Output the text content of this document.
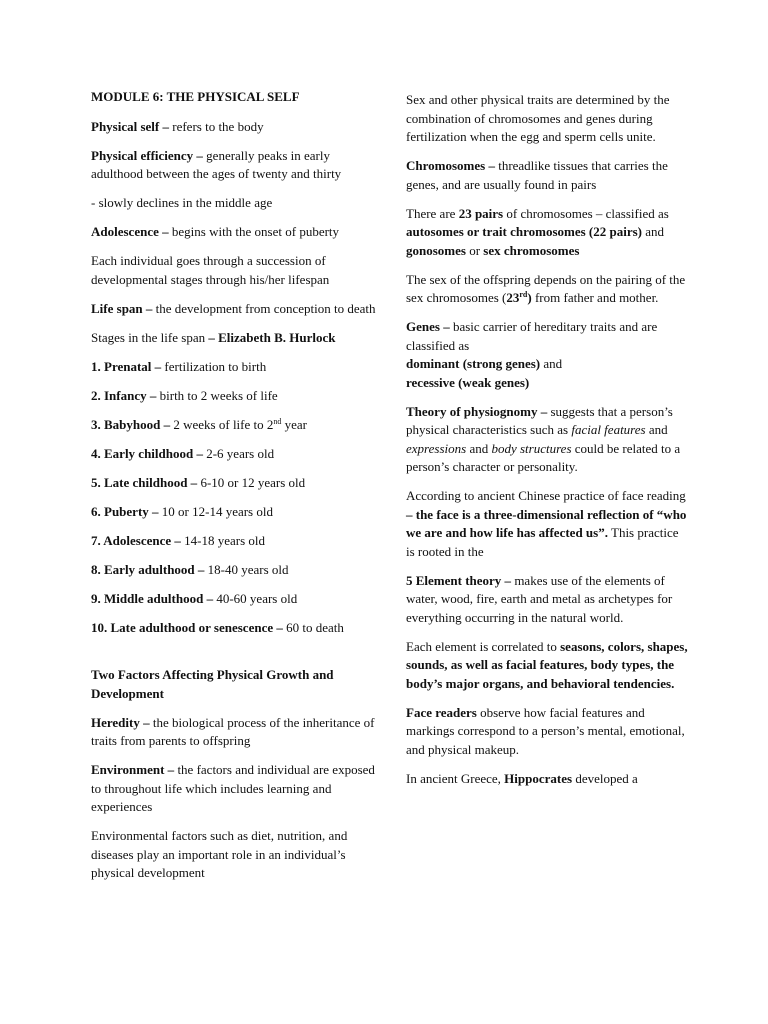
MODULE 6: THE PHYSICAL SELF

Physical self – refers to the body

Physical efficiency – generally peaks in early adulthood between the ages of twenty and thirty

- slowly declines in the middle age

Adolescence – begins with the onset of puberty

Each individual goes through a succession of developmental stages through his/her lifespan

Life span – the development from conception to death

Stages in the life span – Elizabeth B. Hurlock

1. Prenatal – fertilization to birth

2. Infancy – birth to 2 weeks of life

3. Babyhood – 2 weeks of life to 2nd year

4. Early childhood – 2-6 years old

5. Late childhood – 6-10 or 12 years old

6. Puberty – 10 or 12-14 years old

7. Adolescence – 14-18 years old

8. Early adulthood – 18-40 years old

9. Middle adulthood – 40-60 years old

10. Late adulthood or senescence – 60 to death

Two Factors Affecting Physical Growth and Development

Heredity – the biological process of the inheritance of traits from parents to offspring

Environment – the factors and individual are exposed to throughout life which includes learning and experiences

Environmental factors such as diet, nutrition, and diseases play an important role in an individual’s physical development

Sex and other physical traits are determined by the combination of chromosomes and genes during fertilization when the egg and sperm cells unite.

Chromosomes – threadlike tissues that carries the genes, and are usually found in pairs

There are 23 pairs of chromosomes – classified as autosomes or trait chromosomes (22 pairs) and gonosomes or sex chromosomes

The sex of the offspring depends on the pairing of the sex chromosomes (23rd) from father and mother.

Genes – basic carrier of hereditary traits and are classified as

dominant (strong genes) and

recessive (weak genes)

Theory of physiognomy – suggests that a person’s physical characteristics such as facial features and expressions and body structures could be related to a person’s character or personality.

According to ancient Chinese practice of face reading – the face is a three-dimensional reflection of “who we are and how life has affected us”. This practice is rooted in the

5 Element theory – makes use of the elements of water, wood, fire, earth and metal as archetypes for everything occurring in the natural world.

Each element is correlated to seasons, colors, shapes, sounds, as well as facial features, body types, the body’s major organs, and behavioral tendencies.

Face readers observe how facial features and markings correspond to a person’s mental, emotional, and physical makeup.

In ancient Greece, Hippocrates developed a
